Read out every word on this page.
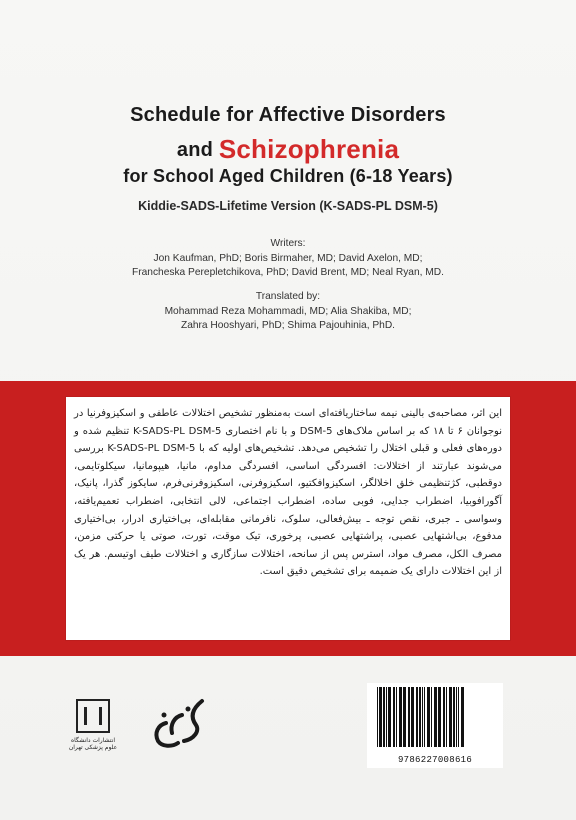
Schedule for Affective Disorders
and Schizophrenia
for School Aged Children (6-18 Years)
Kiddie-SADS-Lifetime Version (K-SADS-PL DSM-5)
Writers:
Jon Kaufman, PhD; Boris Birmaher, MD; David Axelon, MD;
Francheska Perepletchikova, PhD; David Brent, MD; Neal Ryan, MD.
Translated by:
Mohammad Reza Mohammadi, MD; Alia Shakiba, MD;
Zahra Hooshyari, PhD; Shima Pajouhinia, PhD.
این اثر، مصاحبه‌ی بالینی نیمه ساختاریافته‌ای است به‌منظور تشخیص اختلالات عاطفی و اسکیزوفرنیا در نوجوانان ۶ تا ۱۸ که بر اساس ملاک‌های DSM-5 و با نام اختصاری K-SADS-PL DSM-5 تنظیم شده و دوره‌های فعلی و قبلی اختلال را تشخیص می‌دهد. تشخیص‌های اولیه که با K-SADS-PL DSM-5 بررسی می‌شوند عبارتند از اختلالات: افسردگی اساسی، افسردگی مداوم، مانیا، هیپومانیا، سیکلوتایمی، دوقطبی، کژتنظیمی خلق اخلالگر، اسکیزوافکتیو، اسکیزوفرنی، اسکیزوفرنی‌فرم، سایکوز گذرا، پانیک، آگورافوبیا، اضطراب جدایی، فوبی ساده، اضطراب اجتماعی، لالی انتخابی، اضطراب تعمیم‌یافته، وسواسی ـ جبری، نقص توجه ـ بیش‌فعالی، سلوک، نافرمانی مقابله‌ای، بی‌اختیاری ادرار، بی‌اختیاری مدفوع، بی‌اشتهایی عصبی، پراشتهایی عصبی، پرخوری، تیک موقت، تورت، صوتی یا حرکتی مزمن، مصرف الکل، مصرف مواد، استرس پس از سانحه، اختلالات سازگاری و اختلالات طیف اوتیسم. هر یک از این اختلالات دارای یک ضمیمه برای تشخیص دقیق است.
انتشارات دانشگاه علوم پزشکی تهران
9786227008616
